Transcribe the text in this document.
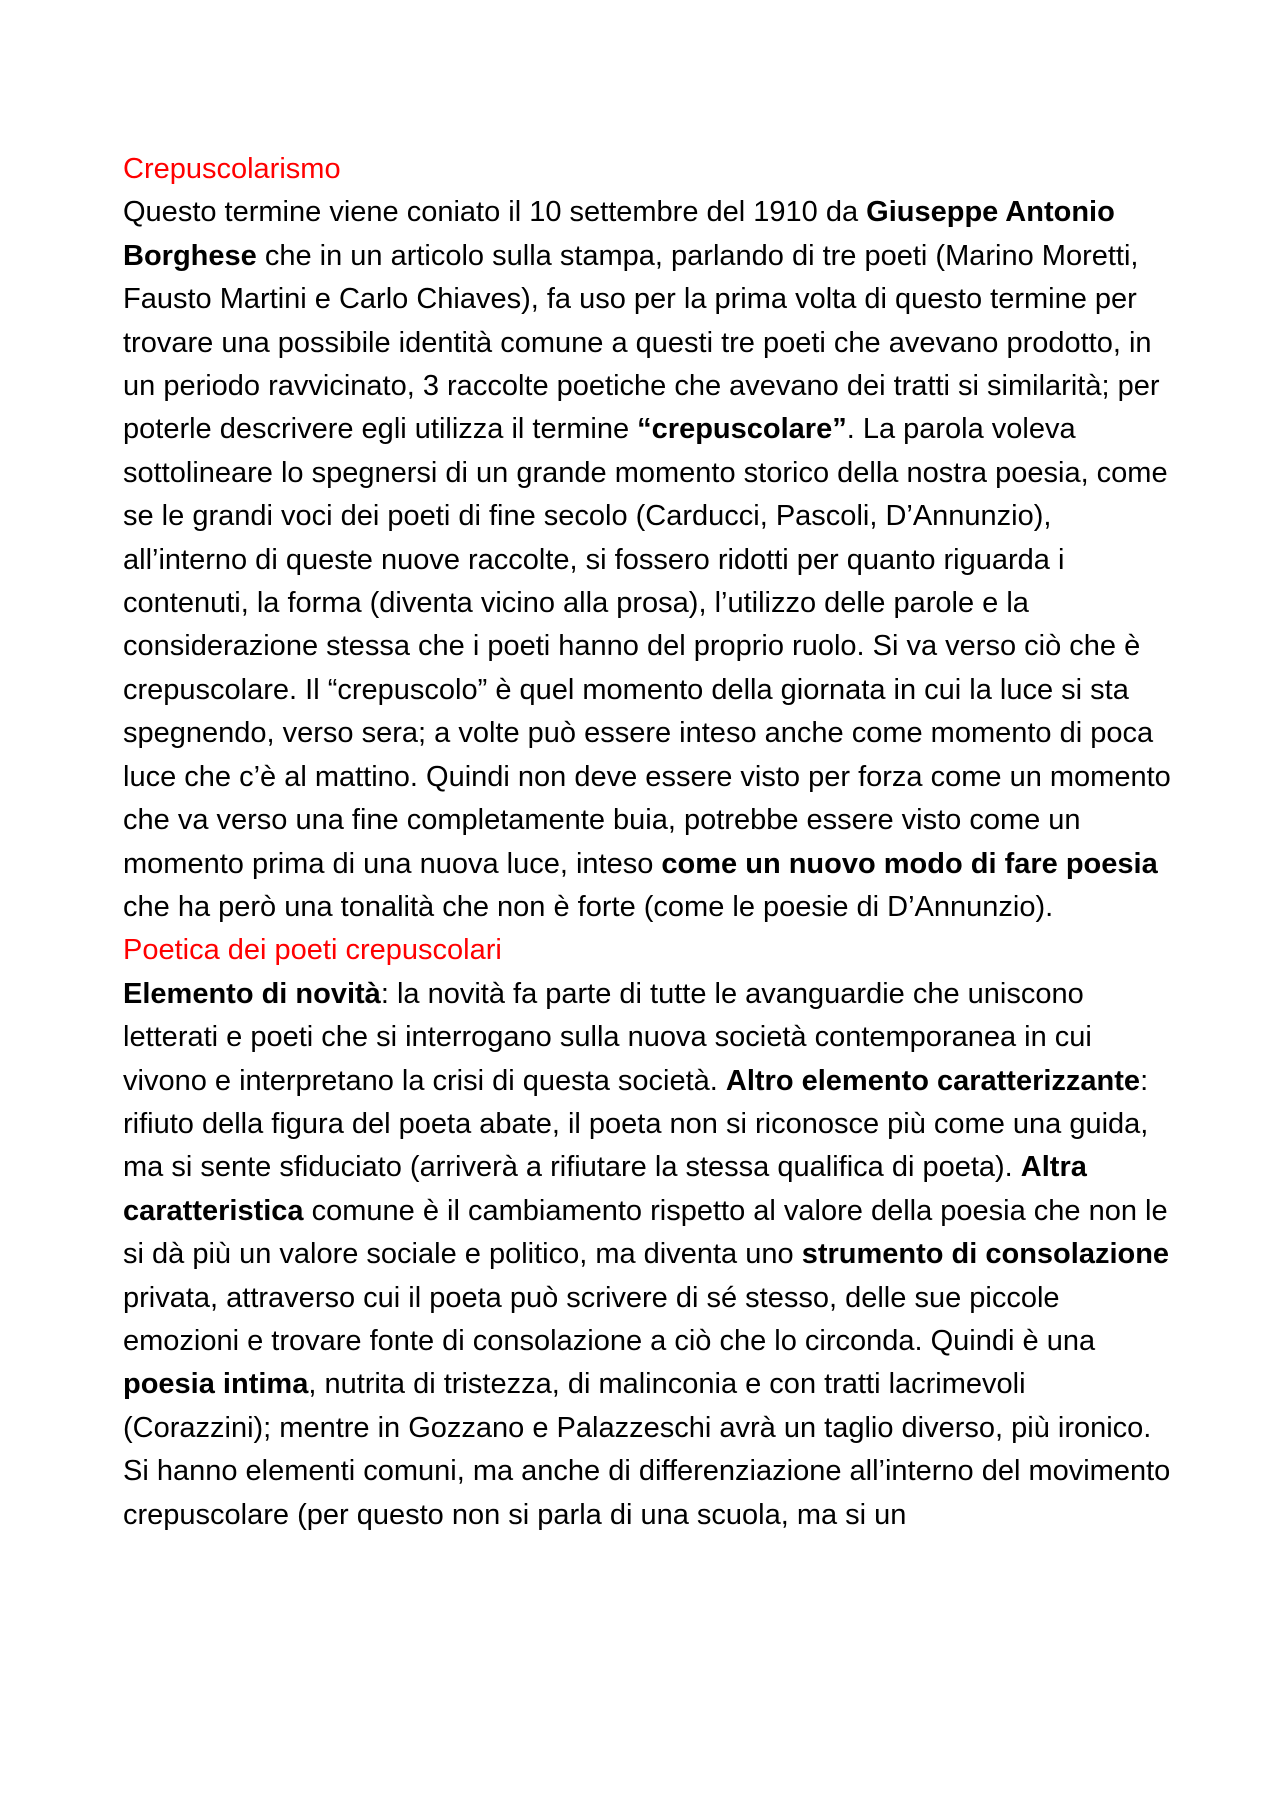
Crepuscolarismo

Questo termine viene coniato il 10 settembre del 1910 da Giuseppe Antonio Borghese che in un articolo sulla stampa, parlando di tre poeti (Marino Moretti, Fausto Martini e Carlo Chiaves), fa uso per la prima volta di questo termine per trovare una possibile identità comune a questi tre poeti che avevano prodotto, in un periodo ravvicinato, 3 raccolte poetiche che avevano dei tratti si similarità; per poterle descrivere egli utilizza il termine “crepuscolare”. La parola voleva sottolineare lo spegnersi di un grande momento storico della nostra poesia, come se le grandi voci dei poeti di fine secolo (Carducci, Pascoli, D’Annunzio), all’interno di queste nuove raccolte, si fossero ridotti per quanto riguarda i contenuti, la forma (diventa vicino alla prosa), l’utilizzo delle parole e la considerazione stessa che i poeti hanno del proprio ruolo. Si va verso ciò che è crepuscolare. Il “crepuscolo” è quel momento della giornata in cui la luce si sta spegnendo, verso sera; a volte può essere inteso anche come momento di poca luce che c’è al mattino. Quindi non deve essere visto per forza come un momento che va verso una fine completamente buia, potrebbe essere visto come un momento prima di una nuova luce, inteso come un nuovo modo di fare poesia che ha però una tonalità che non è forte (come le poesie di D’Annunzio).

Poetica dei poeti crepuscolari

Elemento di novità: la novità fa parte di tutte le avanguardie che uniscono letterati e poeti che si interrogano sulla nuova società contemporanea in cui vivono e interpretano la crisi di questa società. Altro elemento caratterizzante: rifiuto della figura del poeta abate, il poeta non si riconosce più come una guida, ma si sente sfiduciato (arriverà a rifiutare la stessa qualifica di poeta). Altra caratteristica comune è il cambiamento rispetto al valore della poesia che non le si dà più un valore sociale e politico, ma diventa uno strumento di consolazione privata, attraverso cui il poeta può scrivere di sé stesso, delle sue piccole emozioni e trovare fonte di consolazione a ciò che lo circonda. Quindi è una poesia intima, nutrita di tristezza, di malinconia e con tratti lacrimevoli (Corazzini); mentre in Gozzano e Palazzeschi avrà un taglio diverso, più ironico.

Si hanno elementi comuni, ma anche di differenziazione all’interno del movimento crepuscolare (per questo non si parla di una scuola, ma si un
